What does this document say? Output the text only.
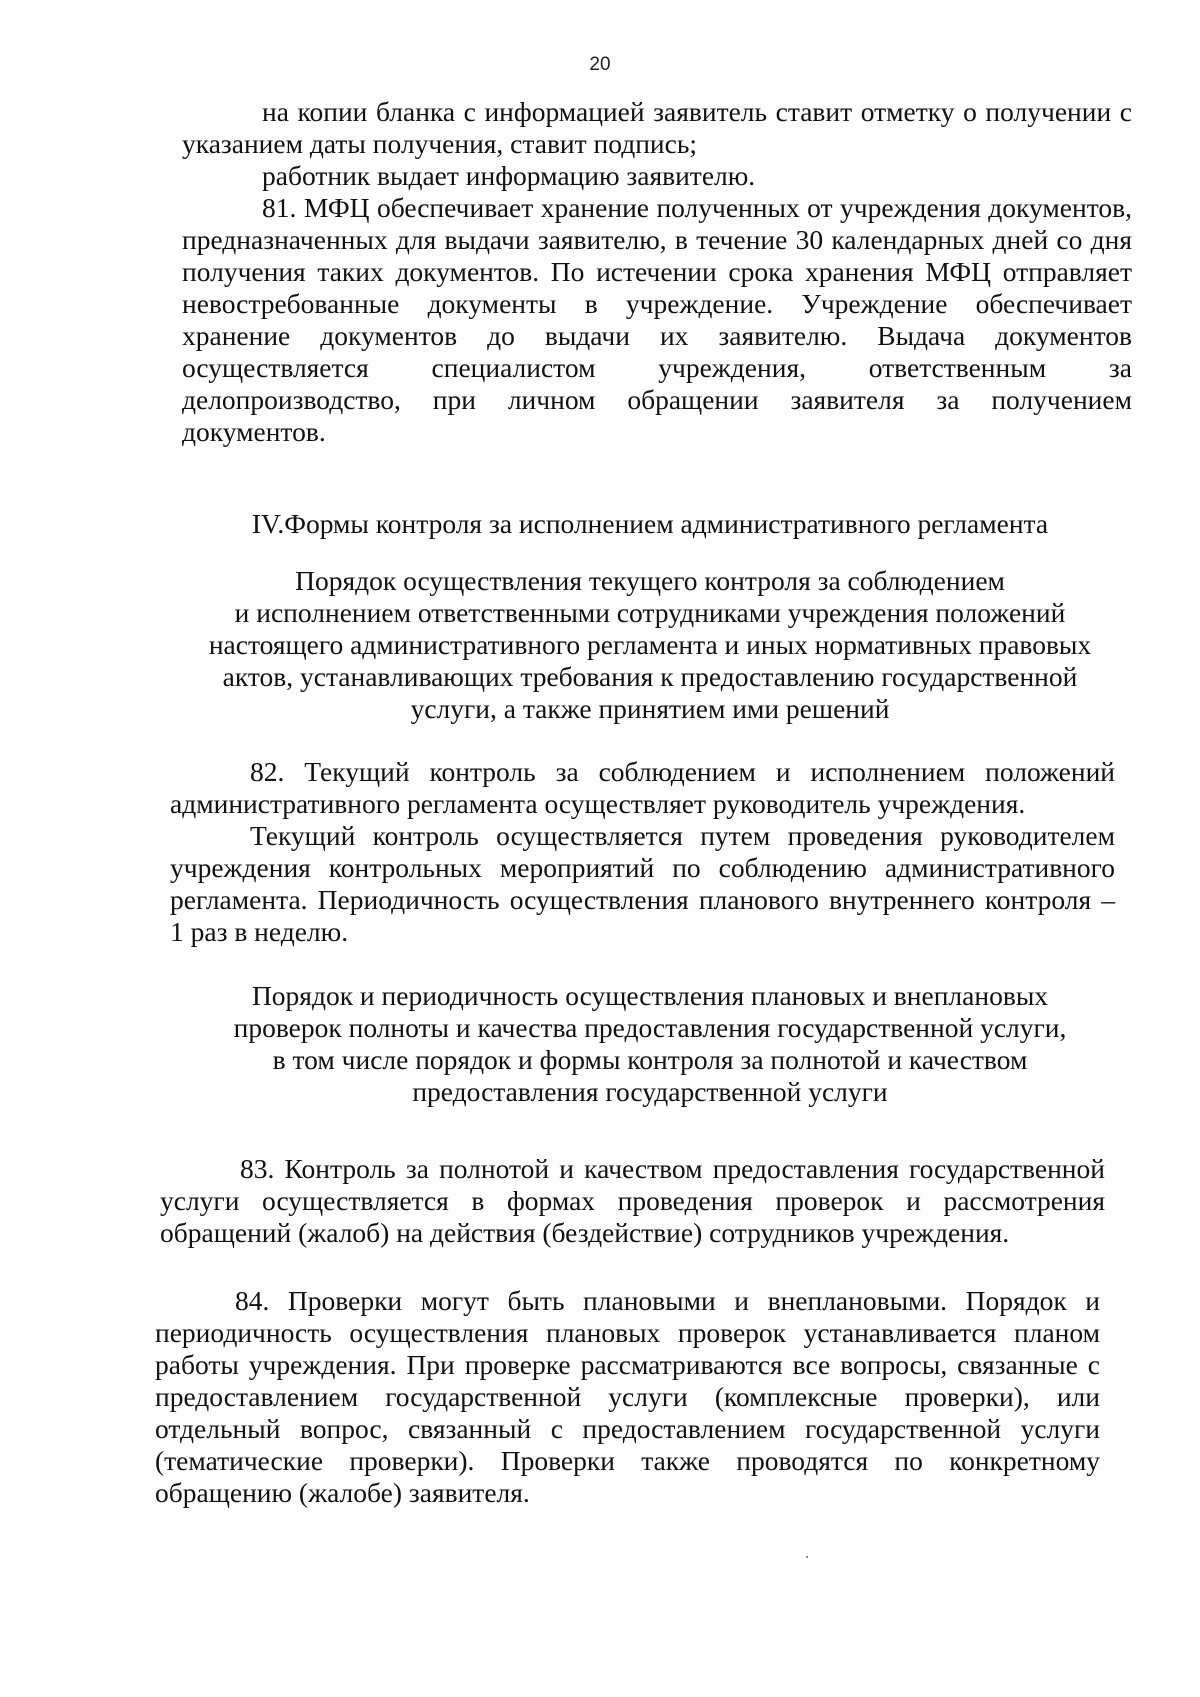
20

на копии бланка с информацией заявитель ставит отметку о получении с указанием даты получения, ставит подпись;

работник выдает информацию заявителю.

81. МФЦ обеспечивает хранение полученных от учреждения документов, предназначенных для выдачи заявителю, в течение 30 календарных дней со дня получения таких документов. По истечении срока хранения МФЦ отправляет невостребованные документы в учреждение. Учреждение обеспечивает хранение документов до выдачи их заявителю. Выдача документов осуществляется специалистом учреждения, ответственным за делопроизводство, при личном обращении заявителя за получением документов.

IV.Формы контроля за исполнением административного регламента
Порядок осуществления текущего контроля за соблюдением
и исполнением ответственными сотрудниками учреждения положений
настоящего административного регламента и иных нормативных правовых
актов, устанавливающих требования к предоставлению государственной
услуги, а также принятием ими решений

82. Текущий контроль за соблюдением и исполнением положений административного регламента осуществляет руководитель учреждения.

Текущий контроль осуществляется путем проведения руководителем учреждения контрольных мероприятий по соблюдению административного регламента. Периодичность осуществления планового внутреннего контроля – 1 раз в неделю.

Порядок и периодичность осуществления плановых и внеплановых
проверок полноты и качества предоставления государственной услуги,
в том числе порядок и формы контроля за полнотой и качеством
предоставления государственной услуги

83. Контроль за полнотой и качеством предоставления государственной услуги осуществляется в формах проведения проверок и рассмотрения обращений (жалоб) на действия (бездействие) сотрудников учреждения.

84. Проверки могут быть плановыми и внеплановыми. Порядок и периодичность осуществления плановых проверок устанавливается планом работы учреждения. При проверке рассматриваются все вопросы, связанные с предоставлением государственной услуги (комплексные проверки), или отдельный вопрос, связанный с предоставлением государственной услуги (тематические проверки). Проверки также проводятся по конкретному обращению (жалобе) заявителя.
